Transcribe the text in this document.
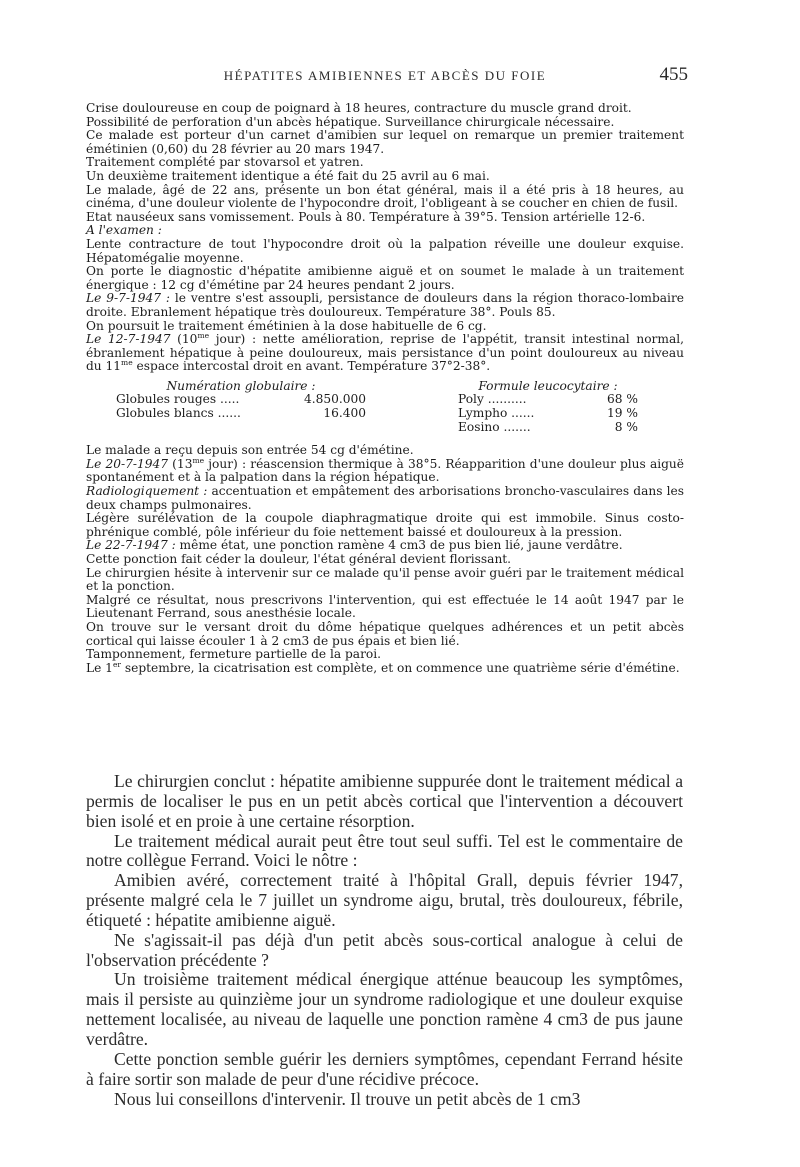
HÉPATITES AMIBIENNES ET ABCÈS DU FOIE	455

Crise douloureuse en coup de poignard à 18 heures, contracture du muscle grand droit.

Possibilité de perforation d'un abcès hépatique. Surveillance chirurgicale nécessaire.

Ce malade est porteur d'un carnet d'amibien sur lequel on remarque un premier traitement émétinien (0,60) du 28 février au 20 mars 1947.

Traitement complété par stovarsol et yatren.

Un deuxième traitement identique a été fait du 25 avril au 6 mai.

Le malade, âgé de 22 ans, présente un bon état général, mais il a été pris à 18 heures, au cinéma, d'une douleur violente de l'hypocondre droit, l'obligeant à se coucher en chien de fusil.

Etat nauséeux sans vomissement. Pouls à 80. Température à 39°5. Tension artérielle 12-6.

A l'examen :

Lente contracture de tout l'hypocondre droit où la palpation réveille une douleur exquise. Hépatomégalie moyenne.

On porte le diagnostic d'hépatite amibienne aiguë et on soumet le malade à un traitement énergique : 12 cg d'émétine par 24 heures pendant 2 jours.

Le 9-7-1947 : le ventre s'est assoupli, persistance de douleurs dans la région thoraco-lombaire droite. Ebranlement hépatique très douloureux. Température 38°. Pouls 85.

On poursuit le traitement émétinien à la dose habituelle de 6 cg.

Le 12-7-1947 ($10^{me}$ jour) : nette amélioration, reprise de l'appétit, transit intestinal normal, ébranlement hépatique à peine douloureux, mais persistance d'un point douloureux au niveau du $11^{me}$ espace intercostal droit en avant. Température 37°2-38°.

Numération globulaire :
Globules rouges .....	4.850.000
Globules blancs ......	16.400
Formule leucocytaire :
Poly ..........	68 %
Lympho ......	19 %
Eosino .......	8 %

Le malade a reçu depuis son entrée 54 cg d'émétine.

Le 20-7-1947 ($13^{me}$ jour) : réascension thermique à 38°5. Réapparition d'une douleur plus aiguë spontanément et à la palpation dans la région hépatique.

Radiologiquement : accentuation et empâtement des arborisations broncho-vasculaires dans les deux champs pulmonaires.

Légère surélévation de la coupole diaphragmatique droite qui est immobile. Sinus costo-phrénique comblé, pôle inférieur du foie nettement baissé et douloureux à la pression.

Le 22-7-1947 : même état, une ponction ramène 4 cm3 de pus bien lié, jaune verdâtre.

Cette ponction fait céder la douleur, l'état général devient florissant.

Le chirurgien hésite à intervenir sur ce malade qu'il pense avoir guéri par le traitement médical et la ponction.

Malgré ce résultat, nous prescrivons l'intervention, qui est effectuée le 14 août 1947 par le Lieutenant Ferrand, sous anesthésie locale.

On trouve sur le versant droit du dôme hépatique quelques adhérences et un petit abcès cortical qui laisse écouler 1 à 2 cm3 de pus épais et bien lié.

Tamponnement, fermeture partielle de la paroi.

Le 1er septembre, la cicatrisation est complète, et on commence une quatrième série d'émétine.

Le chirurgien conclut : hépatite amibienne suppurée dont le traitement médical a permis de localiser le pus en un petit abcès cortical que l'intervention a découvert bien isolé et en proie à une certaine résorption.

Le traitement médical aurait peut être tout seul suffi. Tel est le commentaire de notre collègue Ferrand. Voici le nôtre :

Amibien avéré, correctement traité à l'hôpital Grall, depuis février 1947, présente malgré cela le 7 juillet un syndrome aigu, brutal, très douloureux, fébrile, étiqueté : hépatite amibienne aiguë.

Ne s'agissait-il pas déjà d'un petit abcès sous-cortical analogue à celui de l'observation précédente ?

Un troisième traitement médical énergique atténue beaucoup les symptômes, mais il persiste au quinzième jour un syndrome radiologique et une douleur exquise nettement localisée, au niveau de laquelle une ponction ramène 4 cm3 de pus jaune verdâtre.

Cette ponction semble guérir les derniers symptômes, cependant Ferrand hésite à faire sortir son malade de peur d'une récidive précoce.

Nous lui conseillons d'intervenir. Il trouve un petit abcès de 1 cm3
